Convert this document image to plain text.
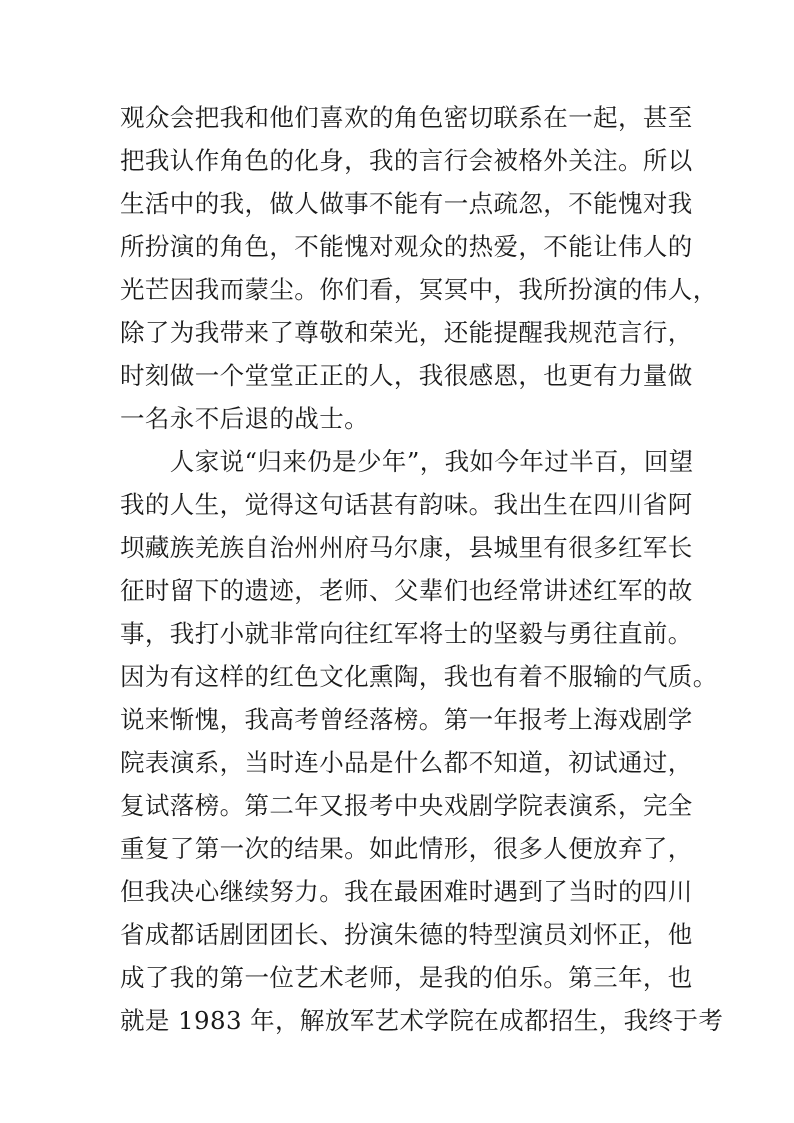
观众会把我和他们喜欢的角色密切联系在一起，甚至
把我认作角色的化身，我的言行会被格外关注。所以
生活中的我，做人做事不能有一点疏忽，不能愧对我
所扮演的角色，不能愧对观众的热爱，不能让伟人的
光芒因我而蒙尘。你们看，冥冥中，我所扮演的伟人，
除了为我带来了尊敬和荣光，还能提醒我规范言行，
时刻做一个堂堂正正的人，我很感恩，也更有力量做
一名永不后退的战士。
　　人家说“归来仍是少年”，我如今年过半百，回望
我的人生，觉得这句话甚有韵味。我出生在四川省阿
坝藏族羌族自治州州府马尔康，县城里有很多红军长
征时留下的遗迹，老师、父辈们也经常讲述红军的故
事，我打小就非常向往红军将士的坚毅与勇往直前。
因为有这样的红色文化熏陶，我也有着不服输的气质。
说来惭愧，我高考曾经落榜。第一年报考上海戏剧学
院表演系，当时连小品是什么都不知道，初试通过，
复试落榜。第二年又报考中央戏剧学院表演系，完全
重复了第一次的结果。如此情形，很多人便放弃了，
但我决心继续努力。我在最困难时遇到了当时的四川
省成都话剧团团长、扮演朱德的特型演员刘怀正，他
成了我的第一位艺术老师，是我的伯乐。第三年，也
就是 1983 年，解放军艺术学院在成都招生，我终于考
